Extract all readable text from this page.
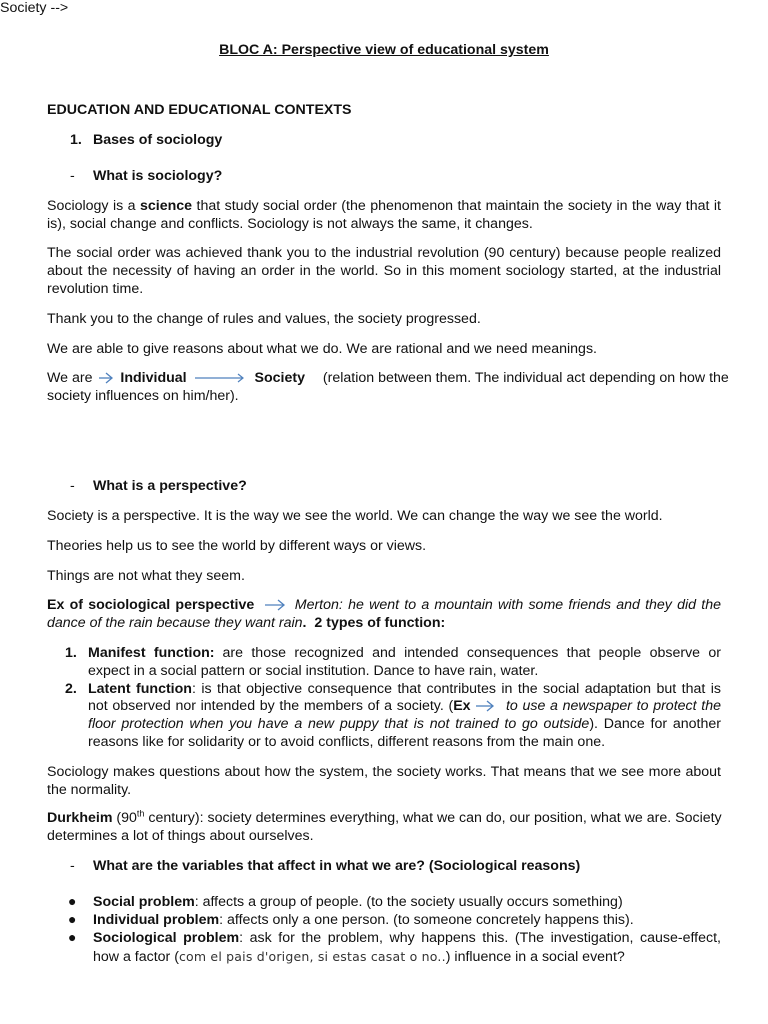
BLOC A: Perspective view of educational system
EDUCATION AND EDUCATIONAL CONTEXTS
1. Bases of sociology
- What is sociology?
Sociology is a science that study social order (the phenomenon that maintain the society in the way that it
is), social change and conflicts. Sociology is not always the same, it changes.
The social order was achieved thank you to the industrial revolution (90 century) because people realized
about the necessity of having an order in the world. So in this moment sociology started, at the industrial
revolution time.
Thank you to the change of rules and values, the society progressed.
We are able to give reasons about what we do. We are rational and we need meanings.
Society -->
We are Individual	Society (relation between them. The individual act depending on how the
society influences on him/her).
- What is a perspective?
Society is a perspective. It is the way we see the world. We can change the way we see the world.
Theories help us to see the world by different ways or views.
Things are not what they seem.
Ex of sociological perspective	Merton: he went to a mountain with some friends and they did the
dance of the rain because they want rain. 2 types of function:
1. Manifest function: are those recognized and intended consequences that people observe or
expect in a social pattern or social institution. Dance to have rain, water.
2. Latent function: is that objective consequence that contributes in the social adaptation but that is
not observed nor intended by the members of a society. (Ex to use a newspaper to protect the
floor protection when you have a new puppy that is not trained to go outside). Dance for another
reasons like for solidarity or to avoid conflicts, different reasons from the main one.
Sociology makes questions about how the system, the society works. That means that we see more about
the normality.
Durkheim (90th century): society determines everything, what we can do, our position, what we are. Society
determines a lot of things about ourselves.
- What are the variables that affect in what we are? (Sociological reasons)
● Social problem: affects a group of people. (to the society usually occurs something)
● Individual problem: affects only a one person. (to someone concretely happens this).
● Sociological problem: ask for the problem, why happens this. (The investigation, cause-effect,
how a factor (com el pais d'origen, si estas casat o no..) influence in a social event?
